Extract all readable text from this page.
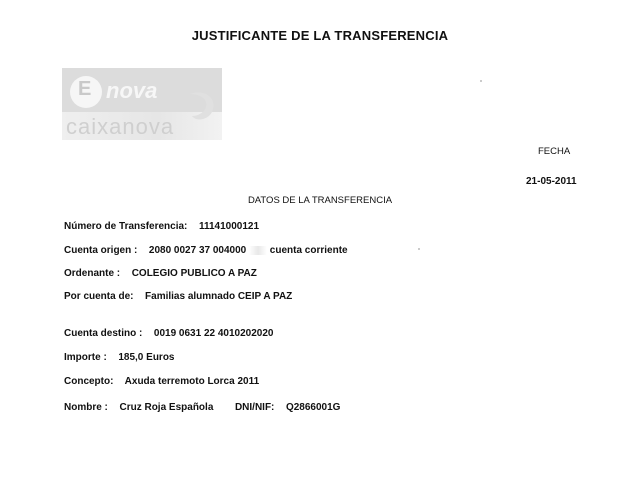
JUSTIFICANTE DE LA TRANSFERENCIA
E nova
caixanova
FECHA
21-05-2011
DATOS DE LA TRANSFERENCIA
Número de Transferencia: 11141000121
Cuenta origen : 2080 0027 37 004000 cuenta corriente
Ordenante : COLEGIO PUBLICO A PAZ
Por cuenta de: Familias alumnado CEIP A PAZ
Cuenta destino : 0019 0631 22 4010202020
Importe : 185,0 Euros
Concepto: Axuda terremoto Lorca 2011
Nombre : Cruz Roja Española DNI/NIF: Q2866001G
